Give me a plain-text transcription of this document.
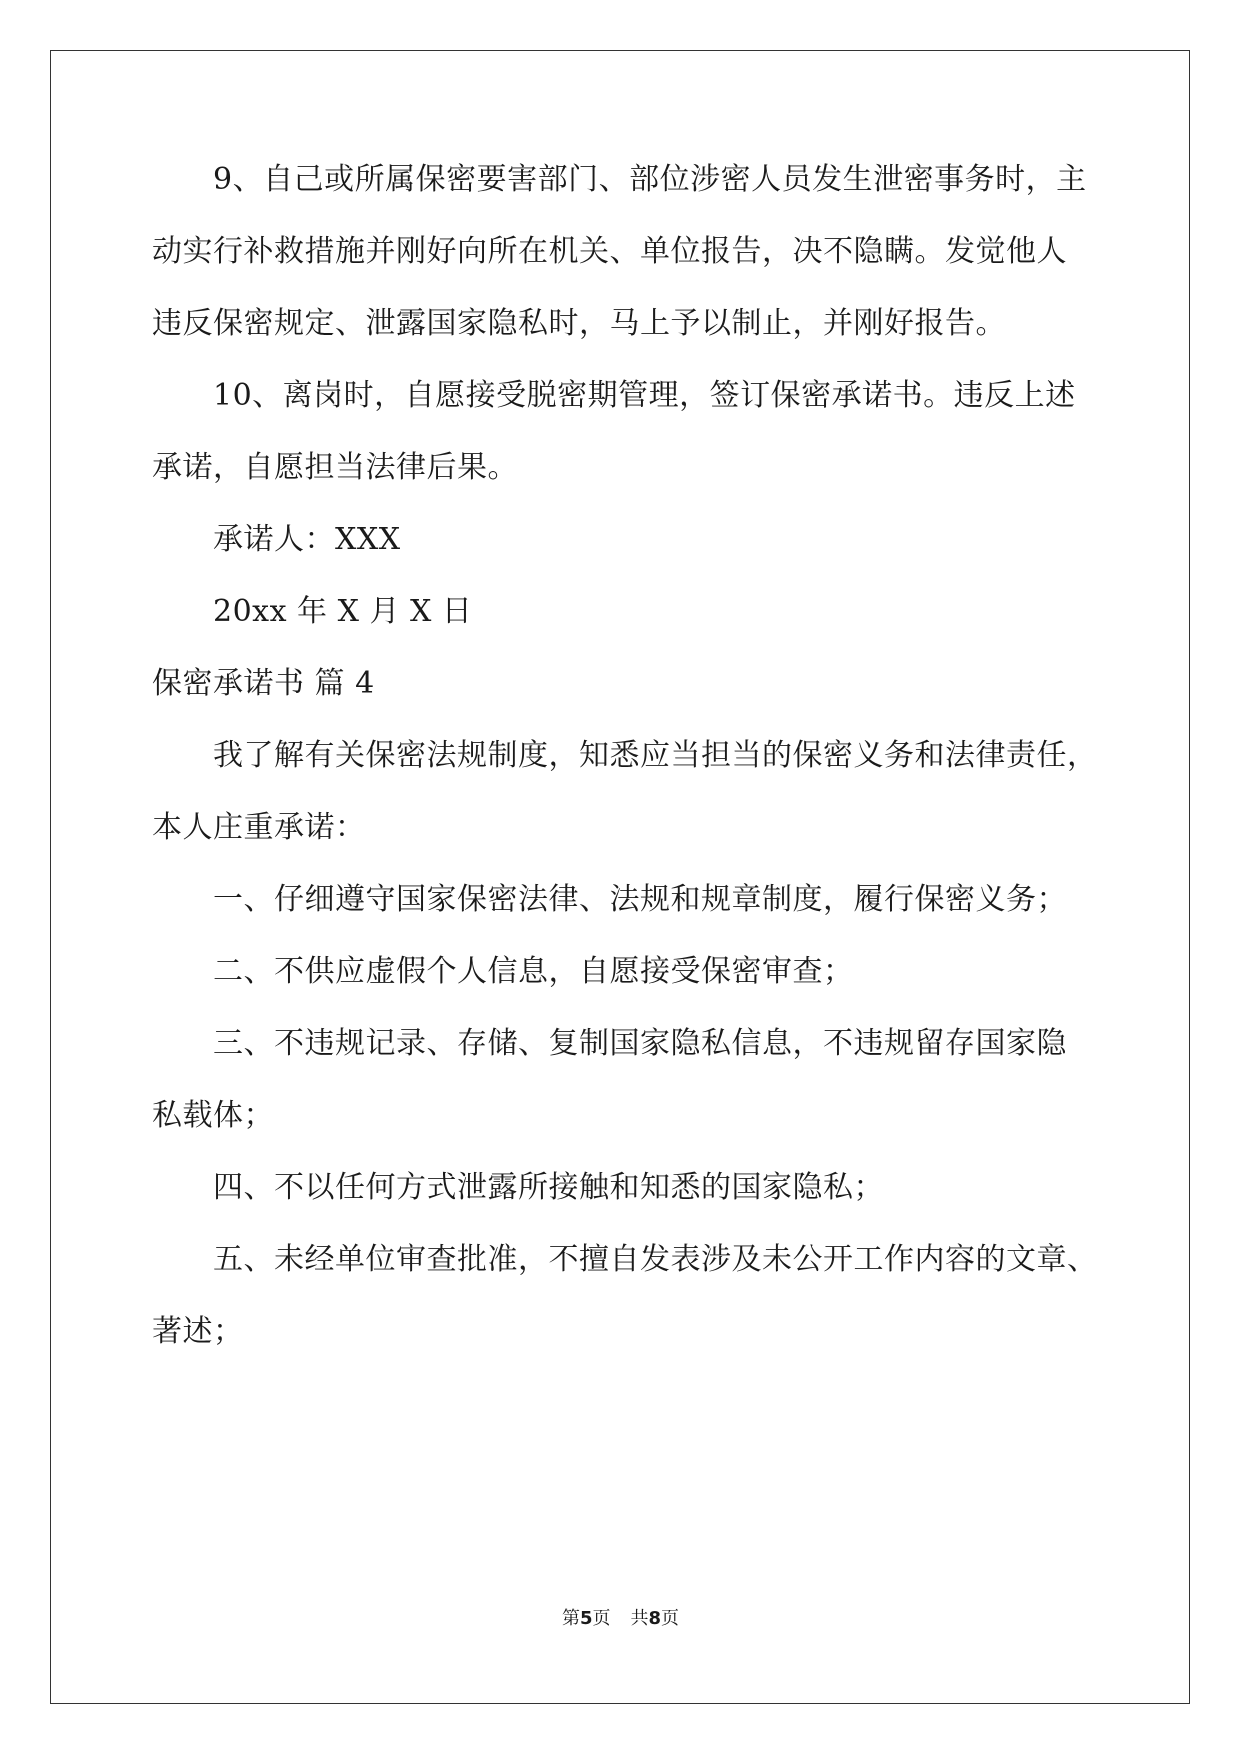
9、自己或所属保密要害部门、部位涉密人员发生泄密事务时，主
动实行补救措施并刚好向所在机关、单位报告，决不隐瞒。发觉他人
违反保密规定、泄露国家隐私时，马上予以制止，并刚好报告。
10、离岗时，自愿接受脱密期管理，签订保密承诺书。违反上述
承诺，自愿担当法律后果。
承诺人：XXX
20xx 年 X 月 X 日
保密承诺书 篇 4
我了解有关保密法规制度，知悉应当担当的保密义务和法律责任，
本人庄重承诺：
一、仔细遵守国家保密法律、法规和规章制度，履行保密义务；
二、不供应虚假个人信息，自愿接受保密审查；
三、不违规记录、存储、复制国家隐私信息，不违规留存国家隐
私载体；
四、不以任何方式泄露所接触和知悉的国家隐私；
五、未经单位审查批准，不擅自发表涉及未公开工作内容的文章、
著述；
第5页 共8页
